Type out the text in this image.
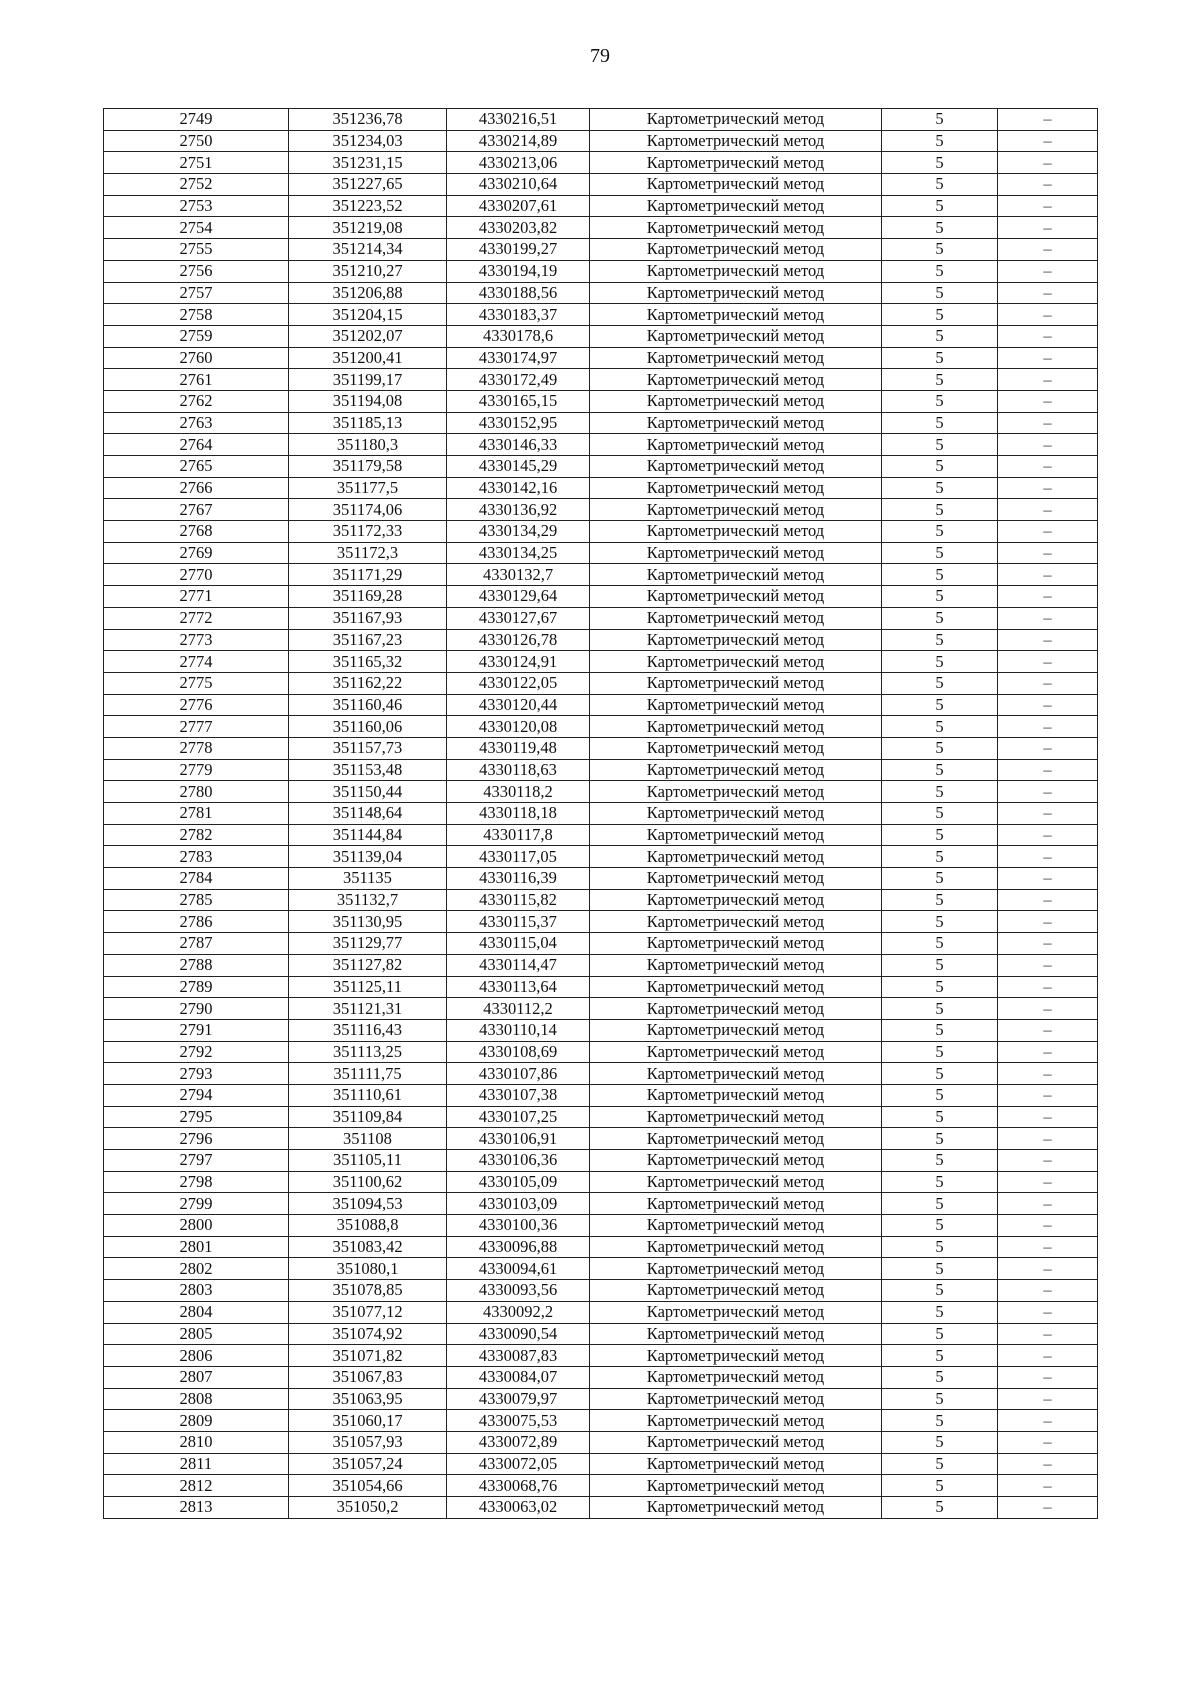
79
2749	351236,78	4330216,51	Картометрический метод	5	–
2750	351234,03	4330214,89	Картометрический метод	5	–
2751	351231,15	4330213,06	Картометрический метод	5	–
2752	351227,65	4330210,64	Картометрический метод	5	–
2753	351223,52	4330207,61	Картометрический метод	5	–
2754	351219,08	4330203,82	Картометрический метод	5	–
2755	351214,34	4330199,27	Картометрический метод	5	–
2756	351210,27	4330194,19	Картометрический метод	5	–
2757	351206,88	4330188,56	Картометрический метод	5	–
2758	351204,15	4330183,37	Картометрический метод	5	–
2759	351202,07	4330178,6	Картометрический метод	5	–
2760	351200,41	4330174,97	Картометрический метод	5	–
2761	351199,17	4330172,49	Картометрический метод	5	–
2762	351194,08	4330165,15	Картометрический метод	5	–
2763	351185,13	4330152,95	Картометрический метод	5	–
2764	351180,3	4330146,33	Картометрический метод	5	–
2765	351179,58	4330145,29	Картометрический метод	5	–
2766	351177,5	4330142,16	Картометрический метод	5	–
2767	351174,06	4330136,92	Картометрический метод	5	–
2768	351172,33	4330134,29	Картометрический метод	5	–
2769	351172,3	4330134,25	Картометрический метод	5	–
2770	351171,29	4330132,7	Картометрический метод	5	–
2771	351169,28	4330129,64	Картометрический метод	5	–
2772	351167,93	4330127,67	Картометрический метод	5	–
2773	351167,23	4330126,78	Картометрический метод	5	–
2774	351165,32	4330124,91	Картометрический метод	5	–
2775	351162,22	4330122,05	Картометрический метод	5	–
2776	351160,46	4330120,44	Картометрический метод	5	–
2777	351160,06	4330120,08	Картометрический метод	5	–
2778	351157,73	4330119,48	Картометрический метод	5	–
2779	351153,48	4330118,63	Картометрический метод	5	–
2780	351150,44	4330118,2	Картометрический метод	5	–
2781	351148,64	4330118,18	Картометрический метод	5	–
2782	351144,84	4330117,8	Картометрический метод	5	–
2783	351139,04	4330117,05	Картометрический метод	5	–
2784	351135	4330116,39	Картометрический метод	5	–
2785	351132,7	4330115,82	Картометрический метод	5	–
2786	351130,95	4330115,37	Картометрический метод	5	–
2787	351129,77	4330115,04	Картометрический метод	5	–
2788	351127,82	4330114,47	Картометрический метод	5	–
2789	351125,11	4330113,64	Картометрический метод	5	–
2790	351121,31	4330112,2	Картометрический метод	5	–
2791	351116,43	4330110,14	Картометрический метод	5	–
2792	351113,25	4330108,69	Картометрический метод	5	–
2793	351111,75	4330107,86	Картометрический метод	5	–
2794	351110,61	4330107,38	Картометрический метод	5	–
2795	351109,84	4330107,25	Картометрический метод	5	–
2796	351108	4330106,91	Картометрический метод	5	–
2797	351105,11	4330106,36	Картометрический метод	5	–
2798	351100,62	4330105,09	Картометрический метод	5	–
2799	351094,53	4330103,09	Картометрический метод	5	–
2800	351088,8	4330100,36	Картометрический метод	5	–
2801	351083,42	4330096,88	Картометрический метод	5	–
2802	351080,1	4330094,61	Картометрический метод	5	–
2803	351078,85	4330093,56	Картометрический метод	5	–
2804	351077,12	4330092,2	Картометрический метод	5	–
2805	351074,92	4330090,54	Картометрический метод	5	–
2806	351071,82	4330087,83	Картометрический метод	5	–
2807	351067,83	4330084,07	Картометрический метод	5	–
2808	351063,95	4330079,97	Картометрический метод	5	–
2809	351060,17	4330075,53	Картометрический метод	5	–
2810	351057,93	4330072,89	Картометрический метод	5	–
2811	351057,24	4330072,05	Картометрический метод	5	–
2812	351054,66	4330068,76	Картометрический метод	5	–
2813	351050,2	4330063,02	Картометрический метод	5	–
